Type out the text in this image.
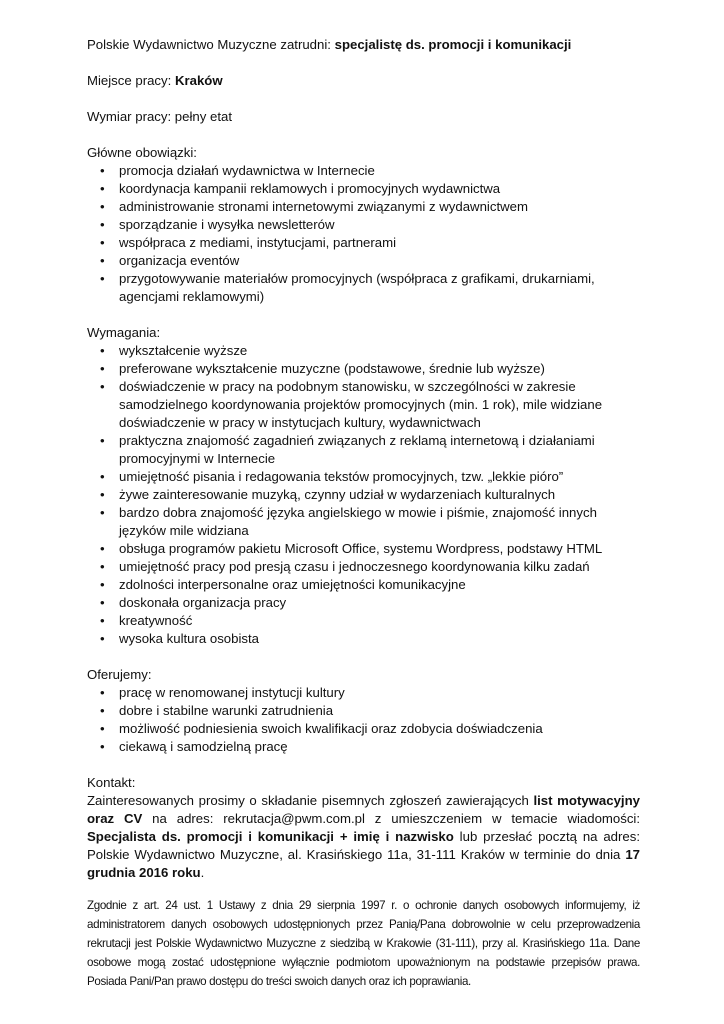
Polskie Wydawnictwo Muzyczne zatrudni: specjalistę ds. promocji i komunikacji

Miejsce pracy: Kraków

Wymiar pracy: pełny etat

Główne obowiązki:

• promocja działań wydawnictwa w Internecie
• koordynacja kampanii reklamowych i promocyjnych wydawnictwa
• administrowanie stronami internetowymi związanymi z wydawnictwem
• sporządzanie i wysyłka newsletterów
• współpraca z mediami, instytucjami, partnerami
• organizacja eventów
• przygotowywanie materiałów promocyjnych (współpraca z grafikami, drukarniami, agencjami reklamowymi)

Wymagania:

• wykształcenie wyższe
• preferowane wykształcenie muzyczne (podstawowe, średnie lub wyższe)
• doświadczenie w pracy na podobnym stanowisku, w szczególności w zakresie samodzielnego koordynowania projektów promocyjnych (min. 1 rok), mile widziane doświadczenie w pracy w instytucjach kultury, wydawnictwach
• praktyczna znajomość zagadnień związanych z reklamą internetową i działaniami promocyjnymi w Internecie
• umiejętność pisania i redagowania tekstów promocyjnych, tzw. „lekkie pióro”
• żywe zainteresowanie muzyką, czynny udział w wydarzeniach kulturalnych
• bardzo dobra znajomość języka angielskiego w mowie i piśmie, znajomość innych języków mile widziana
• obsługa programów pakietu Microsoft Office, systemu Wordpress, podstawy HTML
• umiejętność pracy pod presją czasu i jednoczesnego koordynowania kilku zadań
• zdolności interpersonalne oraz umiejętności komunikacyjne
• doskonała organizacja pracy
• kreatywność
• wysoka kultura osobista

Oferujemy:

• pracę w renomowanej instytucji kultury
• dobre i stabilne warunki zatrudnienia
• możliwość podniesienia swoich kwalifikacji oraz zdobycia doświadczenia
• ciekawą i samodzielną pracę

Kontakt:

Zainteresowanych prosimy o składanie pisemnych zgłoszeń zawierających list motywacyjny oraz CV na adres: rekrutacja@pwm.com.pl z umieszczeniem w temacie wiadomości: Specjalista ds. promocji i komunikacji + imię i nazwisko lub przesłać pocztą na adres: Polskie Wydawnictwo Muzyczne, al. Krasińskiego 11a, 31-111 Kraków w terminie do dnia 17 grudnia 2016 roku.

Zgodnie z art. 24 ust. 1 Ustawy z dnia 29 sierpnia 1997 r. o ochronie danych osobowych informujemy, iż administratorem danych osobowych udostępnionych przez Panią/Pana dobrowolnie w celu przeprowadzenia rekrutacji jest Polskie Wydawnictwo Muzyczne z siedzibą w Krakowie (31-111), przy al. Krasińskiego 11a. Dane osobowe mogą zostać udostępnione wyłącznie podmiotom upoważnionym na podstawie przepisów prawa. Posiada Pani/Pan prawo dostępu do treści swoich danych oraz ich poprawiania.
